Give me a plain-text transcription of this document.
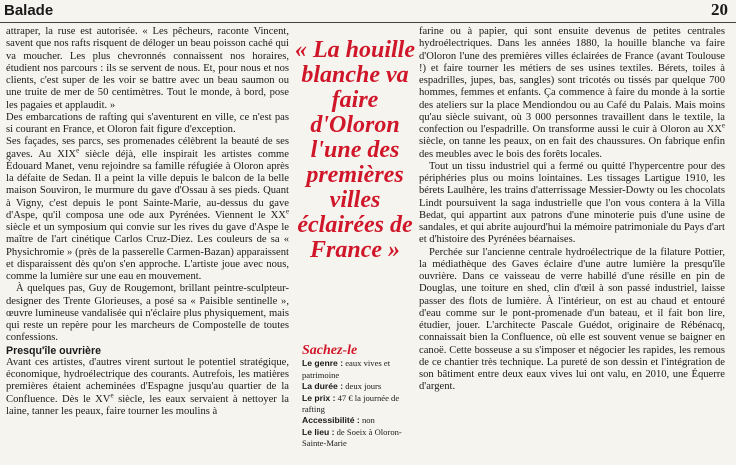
Balade	20

attraper, la ruse est autorisée. « Les pêcheurs, raconte Vincent, savent que nos rafts risquent de déloger un beau poisson caché qui va moucher. Les plus chevronnés connaissent nos horaires, étudient nos parcours : ils se servent de nous. Et, pour nous et nos clients, c'est super de les voir se battre avec un beau saumon ou une truite de mer de 50 centimètres. Tout le monde, à bord, pose les pagaies et applaudit. »

Des embarcations de rafting qui s'aventurent en ville, ce n'est pas si courant en France, et Oloron fait figure d'exception.

Ses façades, ses parcs, ses promenades célèbrent la beauté de ses gaves. Au XIXe siècle déjà, elle inspirait les artistes comme Édouard Manet, venu rejoindre sa famille réfugiée à Oloron après la défaite de Sedan. Il a peint la ville depuis le balcon de la belle maison Souviron, le murmure du gave d'Ossau à ses pieds. Quant à Vigny, c'est depuis le pont Sainte-Marie, au-dessus du gave d'Aspe, qu'il composa une ode aux Pyrénées. Viennent le XXe siècle et un symposium qui convie sur les rives du gave d'Aspe le maître de l'art cinétique Carlos Cruz-Diez. Les couleurs de sa « Physichromie » (près de la passerelle Carmen-Bazan) apparaissent et disparaissent dès qu'on s'en approche. L'artiste joue avec nous, comme la lumière sur une eau en mouvement.

À quelques pas, Guy de Rougemont, brillant peintre-sculpteur-designer des Trente Glorieuses, a posé sa « Paisible sentinelle », œuvre lumineuse vandalisée qui n'éclaire plus physiquement, mais qui reste un repère pour les marcheurs de Compostelle de toutes confessions.

Presqu'île ouvrière

Avant ces artistes, d'autres virent surtout le potentiel stratégique, économique, hydroélectrique des courants. Autrefois, les matières premières étaient acheminées d'Espagne jusqu'au quartier de la Confluence. Dès le XVe siècle, les eaux servaient à nettoyer la laine, tanner les peaux, faire tourner les moulins à

« La houille blanche va faire d'Oloron l'une des premières villes éclairées de France »
Sachez-le
Le genre : eaux vives et patrimoine
La durée : deux jours
Le prix : 47 € la journée de rafting
Accessibilité : non
Le lieu : de Soeix à Oloron-Sainte-Marie

farine ou à papier, qui sont ensuite devenus de petites centrales hydroélectriques. Dans les années 1880, la houille blanche va faire d'Oloron l'une des premières villes éclairées de France (avant Toulouse !) et faire tourner les métiers de ses usines textiles. Bérets, toiles à espadrilles, jupes, bas, sangles) sont tricotés ou tissés par quelque 700 hommes, femmes et enfants. Ça commence à faire du monde à la sortie des ateliers sur la place Mendiondou ou au Café du Palais. Mais moins qu'au siècle suivant, où 3 000 personnes travaillent dans le textile, la confection ou l'espadrille. On transforme aussi le cuir à Oloron au XXe siècle, on tanne les peaux, on en fait des chaussures. On fabrique enfin des meubles avec le bois des forêts locales.

Tout un tissu industriel qui a fermé ou quitté l'hypercentre pour des périphéries plus ou moins lointaines. Les tissages Lartigue 1910, les bérets Laulhère, les trains d'atterrissage Messier-Dowty ou les chocolats Lindt poursuivent la saga industrielle que l'on vous contera à la Villa Bedat, qui appartint aux patrons d'une minoterie puis d'une usine de sandales, et qui abrite aujourd'hui la mémoire patrimoniale du Pays d'art et d'histoire des Pyrénées béarnaises.

Perchée sur l'ancienne centrale hydroélectrique de la filature Pottier, la médiathèque des Gaves éclaire d'une autre lumière la presqu'île ouvrière. Dans ce vaisseau de verre habillé d'une résille en pin de Douglas, une toiture en shed, clin d'œil à son passé industriel, laisse passer des flots de lumière. À l'intérieur, on est au chaud et entouré d'eau comme sur le pont-promenade d'un bateau, et il fait bon lire, étudier, jouer. L'architecte Pascale Guédot, originaire de Rébénacq, connaissait bien la Confluence, où elle est souvent venue se baigner en canoë. Cette bosseuse a su s'imposer et négocier les rapides, les remous de ce chantier très technique. La pureté de son dessin et l'intégration de son bâtiment entre deux eaux vives lui ont valu, en 2010, une Équerre d'argent.
